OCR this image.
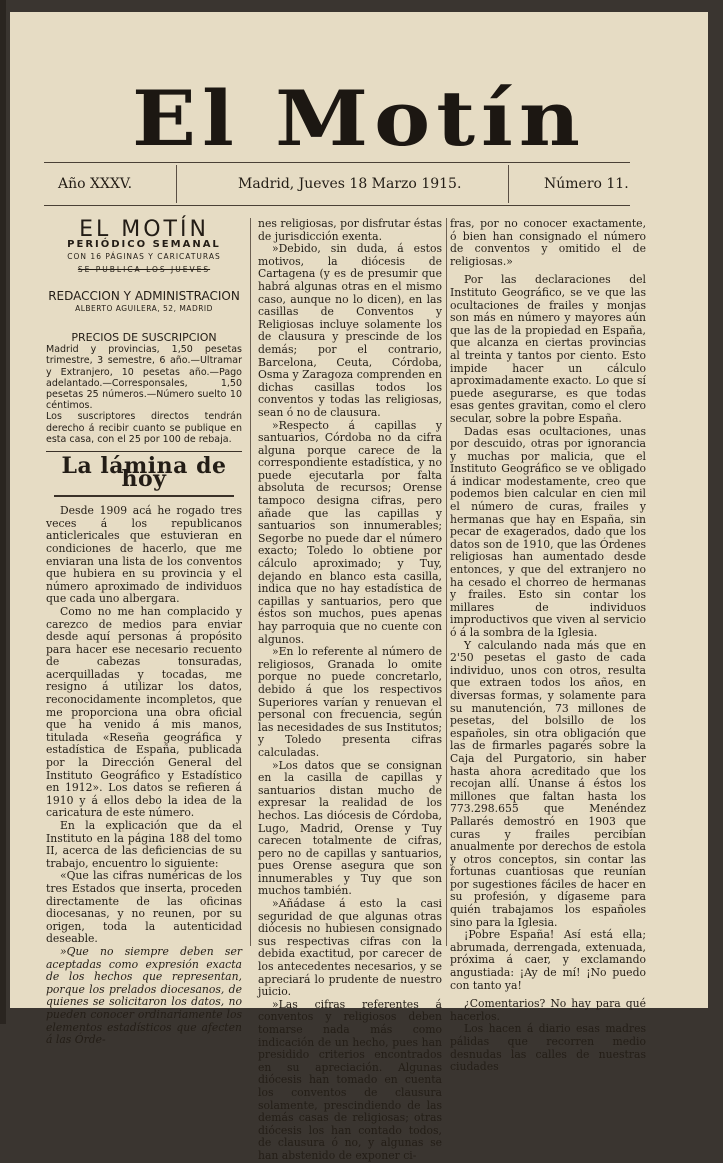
El Motín
Año XXXV.	Madrid, Jueves 18 Marzo 1915.	Número 11.
EL MOTÍN
PERIÓDICO SEMANAL
CON 16 PÁGINAS Y CARICATURAS
SE PUBLICA LOS JUEVES
REDACCION Y ADMINISTRACION
ALBERTO AGUILERA, 52, MADRID
PRECIOS DE SUSCRIPCION

Madrid y provincias, 1,50 pesetas trimestre, 3 semestre, 6 año.—Ultramar y Extranjero, 10 pesetas año.—Pago adelantado.—Corresponsales, 1,50 pesetas 25 números.—Número suelto 10 céntimos.

Los suscriptores directos tendrán derecho á recibir cuanto se publique en esta casa, con el 25 por 100 de rebaja.

La lámina de hoy

Desde 1909 acá he rogado tres veces á los republicanos anticlericales que estuvieran en condiciones de hacerlo, que me enviaran una lista de los conventos que hubiera en su provincia y el número aproximado de individuos que cada uno albergara.

Como no me han complacido y carezco de medios para enviar desde aquí personas á propósito para hacer ese necesario recuento de cabezas tonsuradas, acerquilladas y tocadas, me resigno á utilizar los datos, reconocidamente incompletos, que me proporciona una obra oficial que ha venido á mis manos, titulada «Reseña geográfica y estadística de España, publicada por la Dirección General del Instituto Geográfico y Estadístico en 1912». Los datos se refieren á 1910 y á ellos debo la idea de la caricatura de este número.

En la explicación que da el Instituto en la página 188 del tomo II, acerca de las deficiencias de su trabajo, encuentro lo siguiente:

«Que las cifras numéricas de los tres Estados que inserta, proceden directamente de las oficinas diocesanas, y no reunen, por su origen, toda la autenticidad deseable.

»Que no siempre deben ser aceptadas como expresión exacta de los hechos que representan, porque los prelados diocesanos, de quienes se solicitaron los datos, no pueden conocer ordinariamente los elementos estadísticos que afecten á las Órde-

nes religiosas, por disfrutar éstas de jurisdicción exenta.

»Debido, sin duda, á estos motivos, la diócesis de Cartagena (y es de presumir que habrá algunas otras en el mismo caso, aunque no lo dicen), en las casillas de Conventos y Religiosas incluye solamente los de clausura y prescinde de los demás; por el contrario, Barcelona, Ceuta, Córdoba, Osma y Zaragoza comprenden en dichas casillas todos los conventos y todas las religiosas, sean ó no de clausura.

»Respecto á capillas y santuarios, Córdoba no da cifra alguna porque carece de la correspondiente estadística, y no puede ejecutarla por falta absoluta de recursos; Orense tampoco designa cifras, pero añade que las capillas y santuarios son innumerables; Segorbe no puede dar el número exacto; Toledo lo obtiene por cálculo aproximado; y Tuy, dejando en blanco esta casilla, indica que no hay estadística de capillas y santuarios, pero que éstos son muchos, pues apenas hay parroquia que no cuente con algunos.

»En lo referente al número de religiosos, Granada lo omite porque no puede concretarlo, debido á que los respectivos Superiores varían y renuevan el personal con frecuencia, según las necesidades de sus Institutos; y Toledo presenta cifras calculadas.

»Los datos que se consignan en la casilla de capillas y santuarios distan mucho de expresar la realidad de los hechos. Las diócesis de Córdoba, Lugo, Madrid, Orense y Tuy carecen totalmente de cifras, pero no de capillas y santuarios, pues Orense asegura que son innumerables y Tuy que son muchos también.

»Añádase á esto la casi seguridad de que algunas otras diócesis no hubiesen consignado sus respectivas cifras con la debida exactitud, por carecer de los antecedentes necesarios, y se apreciará lo prudente de nuestro juicio.

»Las cifras referentes á conventos y religiosos deben tomarse nada más como indicación de un hecho, pues han presidido criterios encontrados en su apreciación. Algunas diócesis han tomado en cuenta los conventos de clausura solamente, prescindiendo de las demás casas de religiosas; otras diócesis los han contado todos, de clausura ó no, y algunas se han abstenido de exponer ci-

fras, por no conocer exactamente, ó bien han consignado el número de conventos y omitido el de religiosas.»

Por las declaraciones del Instituto Geográfico, se ve que las ocultaciones de frailes y monjas son más en número y mayores aún que las de la propiedad en España, que alcanza en ciertas provincias al treinta y tantos por ciento. Esto impide hacer un cálculo aproximadamente exacto. Lo que sí puede asegurarse, es que todas esas gentes gravitan, como el clero secular, sobre la pobre España.

Dadas esas ocultaciones, unas por descuido, otras por ignorancia y muchas por malicia, que el Instituto Geográfico se ve obligado á indicar modestamente, creo que podemos bien calcular en cien mil el número de curas, frailes y hermanas que hay en España, sin pecar de exagerados, dado que los datos son de 1910, que las Órdenes religiosas han aumentado desde entonces, y que del extranjero no ha cesado el chorreo de hermanas y frailes. Esto sin contar los millares de individuos improductivos que viven al servicio ó á la sombra de la Iglesia.

Y calculando nada más que en 2'50 pesetas el gasto de cada individuo, unos con otros, resulta que extraen todos los años, en diversas formas, y solamente para su manutención, 73 millones de pesetas, del bolsillo de los españoles, sin otra obligación que las de firmarles pagarés sobre la Caja del Purgatorio, sin haber hasta ahora acreditado que los recojan allí. Únanse á éstos los millones que faltan hasta los 773.298.655 que Menéndez Pallarés demostró en 1903 que curas y frailes percibían anualmente por derechos de estola y otros conceptos, sin contar las fortunas cuantiosas que reunían por sugestiones fáciles de hacer en su profesión, y dígaseme para quién trabajamos los españoles sino para la Iglesia.

¡Pobre España! Así está ella; abrumada, derrengada, extenuada, próxima á caer, y exclamando angustiada: ¡Ay de mí! ¡No puedo con tanto ya!

¿Comentarios? No hay para qué hacerlos.

Los hacen á diario esas madres pálidas que recorren medio desnudas las calles de nuestras ciudades
